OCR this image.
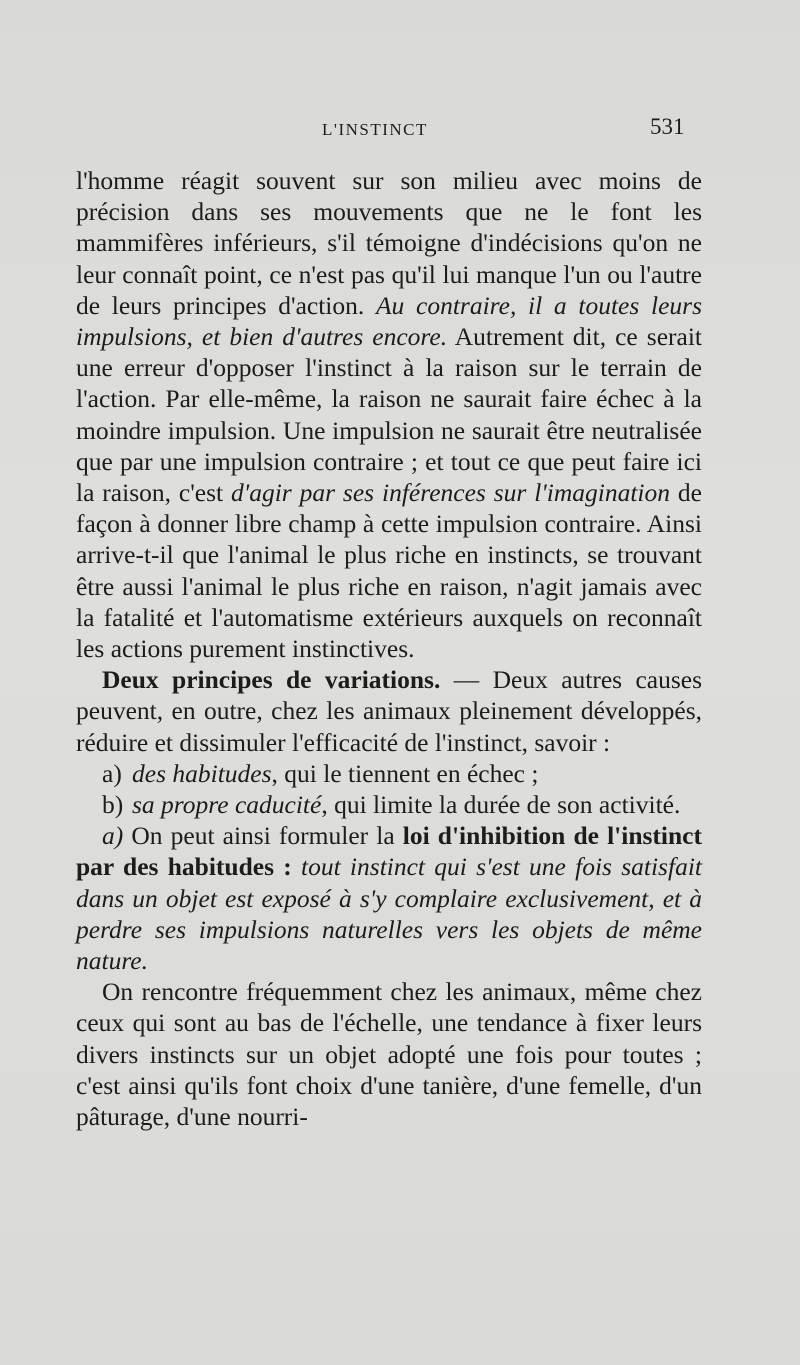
L'INSTINCT	531

l'homme réagit souvent sur son milieu avec moins de précision dans ses mouvements que ne le font les mammifères inférieurs, s'il témoigne d'indécisions qu'on ne leur connaît point, ce n'est pas qu'il lui manque l'un ou l'autre de leurs principes d'action. Au contraire, il a toutes leurs impulsions, et bien d'autres encore. Autrement dit, ce serait une erreur d'opposer l'instinct à la raison sur le terrain de l'action. Par elle-même, la raison ne saurait faire échec à la moindre impulsion. Une impulsion ne saurait être neutralisée que par une impulsion contraire ; et tout ce que peut faire ici la raison, c'est d'agir par ses inférences sur l'imagination de façon à donner libre champ à cette impulsion contraire. Ainsi arrive-t-il que l'animal le plus riche en instincts, se trouvant être aussi l'animal le plus riche en raison, n'agit jamais avec la fatalité et l'automatisme extérieurs auxquels on reconnaît les actions purement instinctives.

Deux principes de variations. — Deux autres causes peuvent, en outre, chez les animaux pleinement développés, réduire et dissimuler l'efficacité de l'instinct, savoir :

a) des habitudes, qui le tiennent en échec ;

b) sa propre caducité, qui limite la durée de son activité.

a) On peut ainsi formuler la loi d'inhibition de l'instinct par des habitudes : tout instinct qui s'est une fois satisfait dans un objet est exposé à s'y complaire exclusivement, et à perdre ses impulsions naturelles vers les objets de même nature.

On rencontre fréquemment chez les animaux, même chez ceux qui sont au bas de l'échelle, une tendance à fixer leurs divers instincts sur un objet adopté une fois pour toutes ; c'est ainsi qu'ils font choix d'une tanière, d'une femelle, d'un pâturage, d'une nourri-
